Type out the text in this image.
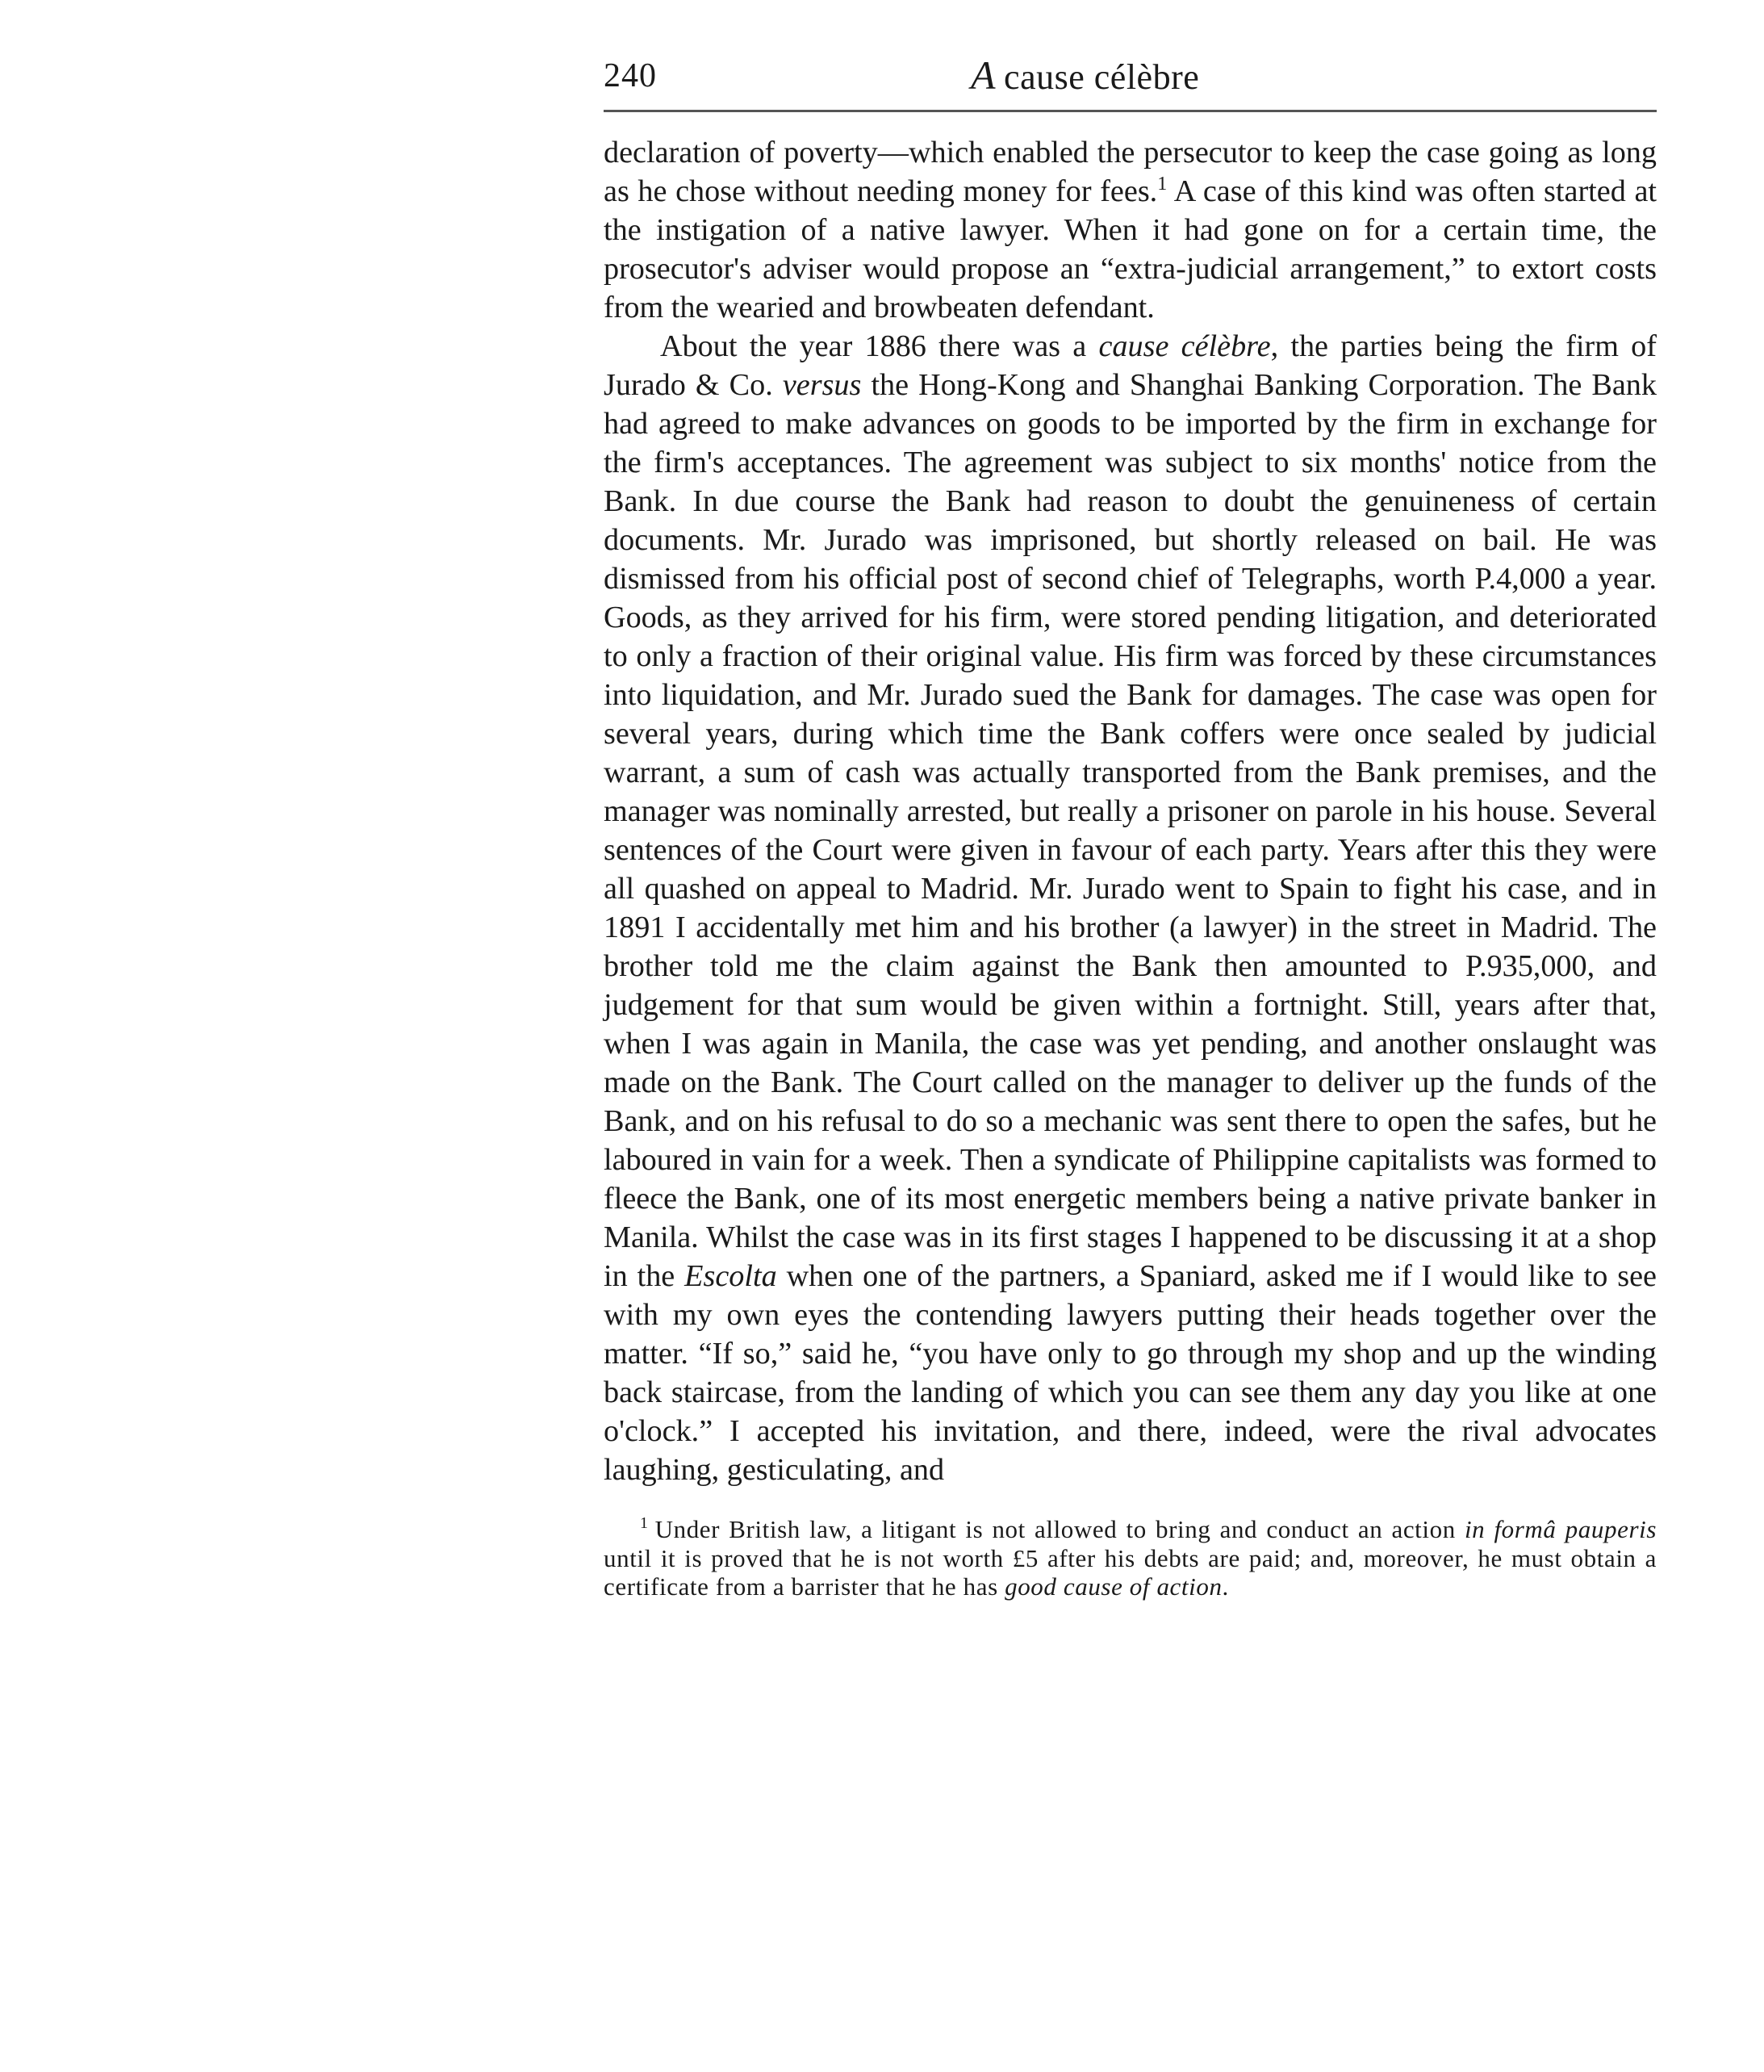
240	A cause célèbre

declaration of poverty—which enabled the persecutor to keep the case going as long as he chose without needing money for fees.$^1$ A case of this kind was often started at the instigation of a native lawyer. When it had gone on for a certain time, the prosecutor's adviser would propose an “extra-judicial arrangement,” to extort costs from the wearied and browbeaten defendant.

About the year 1886 there was a cause célèbre, the parties being the firm of Jurado & Co. versus the Hong-Kong and Shanghai Banking Corporation. The Bank had agreed to make advances on goods to be imported by the firm in exchange for the firm's acceptances. The agreement was subject to six months' notice from the Bank. In due course the Bank had reason to doubt the genuineness of certain documents. Mr. Jurado was imprisoned, but shortly released on bail. He was dismissed from his official post of second chief of Telegraphs, worth P.4,000 a year. Goods, as they arrived for his firm, were stored pending litigation, and deteriorated to only a fraction of their original value. His firm was forced by these circumstances into liquidation, and Mr. Jurado sued the Bank for damages. The case was open for several years, during which time the Bank coffers were once sealed by judicial warrant, a sum of cash was actually transported from the Bank premises, and the manager was nominally arrested, but really a prisoner on parole in his house. Several sentences of the Court were given in favour of each party. Years after this they were all quashed on appeal to Madrid. Mr. Jurado went to Spain to fight his case, and in 1891 I accidentally met him and his brother (a lawyer) in the street in Madrid. The brother told me the claim against the Bank then amounted to P.935,000, and judgement for that sum would be given within a fortnight. Still, years after that, when I was again in Manila, the case was yet pending, and another onslaught was made on the Bank. The Court called on the manager to deliver up the funds of the Bank, and on his refusal to do so a mechanic was sent there to open the safes, but he laboured in vain for a week. Then a syndicate of Philippine capitalists was formed to fleece the Bank, one of its most energetic members being a native private banker in Manila. Whilst the case was in its first stages I happened to be discussing it at a shop in the Escolta when one of the partners, a Spaniard, asked me if I would like to see with my own eyes the contending lawyers putting their heads together over the matter. “If so,” said he, “you have only to go through my shop and up the winding back staircase, from the landing of which you can see them any day you like at one o'clock.” I accepted his invitation, and there, indeed, were the rival advocates laughing, gesticulating, and

$^1$ Under British law, a litigant is not allowed to bring and conduct an action in formâ pauperis until it is proved that he is not worth £5 after his debts are paid; and, moreover, he must obtain a certificate from a barrister that he has good cause of action.
